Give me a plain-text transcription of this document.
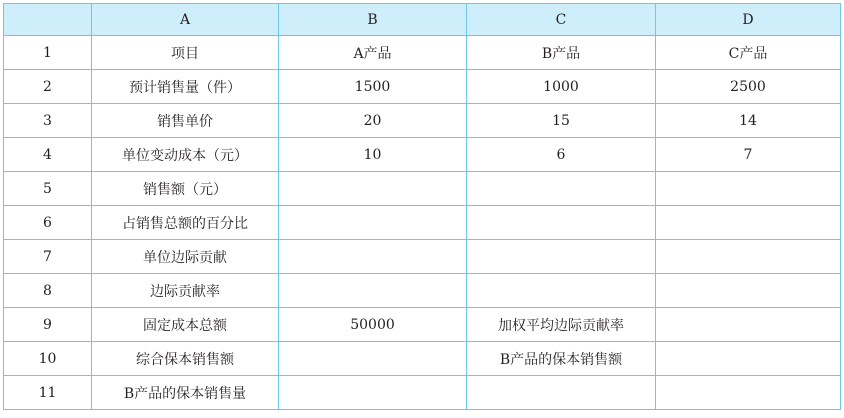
	A	B	C	D
1	项目	A产品	B产品	C产品
2	预计销售量（件）	1500	1000	2500
3	销售单价	20	15	14
4	单位变动成本（元）	10	6	7
5	销售额（元）			
6	占销售总额的百分比			
7	单位边际贡献			
8	边际贡献率			
9	固定成本总额	50000	加权平均边际贡献率	
10	综合保本销售额		B产品的保本销售额	
11	B产品的保本销售量			
